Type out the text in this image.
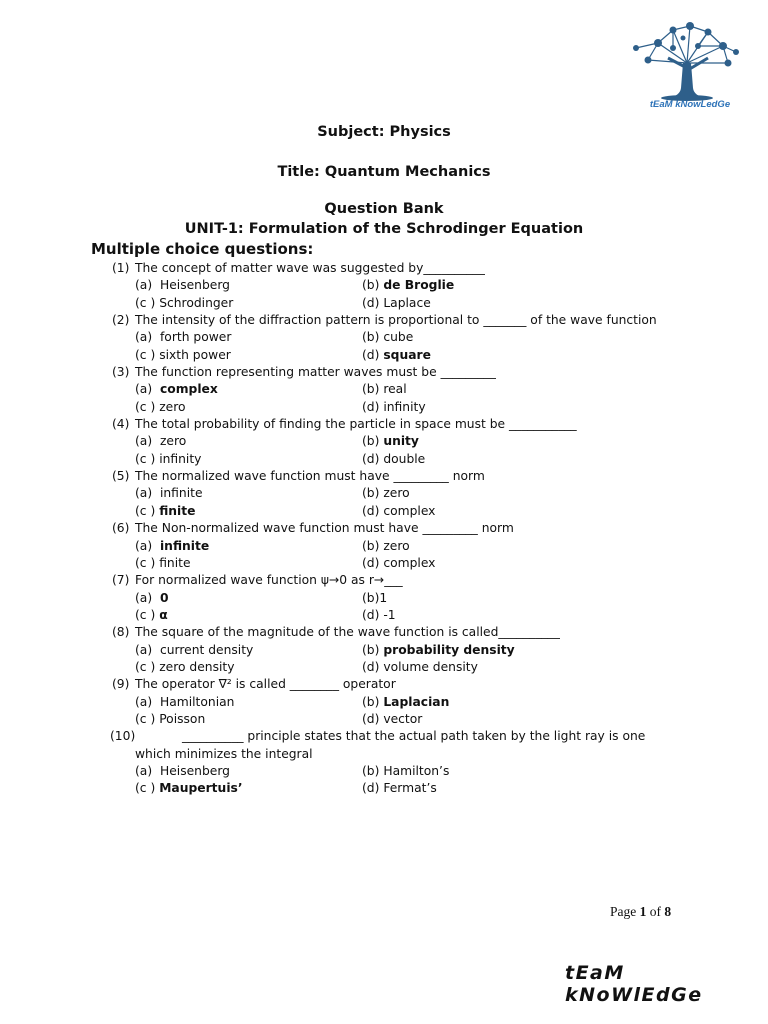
tEaM kNowLedGe
Subject: Physics
Title: Quantum Mechanics
Question Bank
UNIT-1: Formulation of the Schrodinger Equation
Multiple choice questions:
(1) The concept of matter wave was suggested by__________
(a) Heisenberg	(b) de Broglie
(c ) Schrodinger	(d) Laplace
(2) The intensity of the diffraction pattern is proportional to _______ of the wave function
(a) forth power	(b) cube
(c ) sixth power	(d) square
(3) The function representing matter waves must be _________
(a) complex	(b) real
(c ) zero	(d) infinity
(4) The total probability of finding the particle in space must be ___________
(a) zero	(b) unity
(c ) infinity	(d) double
(5) The normalized wave function must have _________ norm
(a) infinite	(b) zero
(c ) finite	(d) complex
(6) The Non-normalized wave function must have _________ norm
(a) infinite	(b) zero
(c ) finite	(d) complex
(7) For normalized wave function ψ→0 as r→___
(a) 0	(b)1
(c ) α	(d) -1
(8) The square of the magnitude of the wave function is called__________
(a) current density	(b) probability density
(c ) zero density	(d) volume density
(9) The operator ∇² is called ________ operator
(a) Hamiltonian	(b) Laplacian
(c ) Poisson	(d) vector
(10)	__________ principle states that the actual path taken by the light ray is one
which minimizes the integral
(a) Heisenberg	(b) Hamilton’s
(c ) Maupertuis’	(d) Fermat’s
Page 1 of 8
tEaM kNoWlEdGe
